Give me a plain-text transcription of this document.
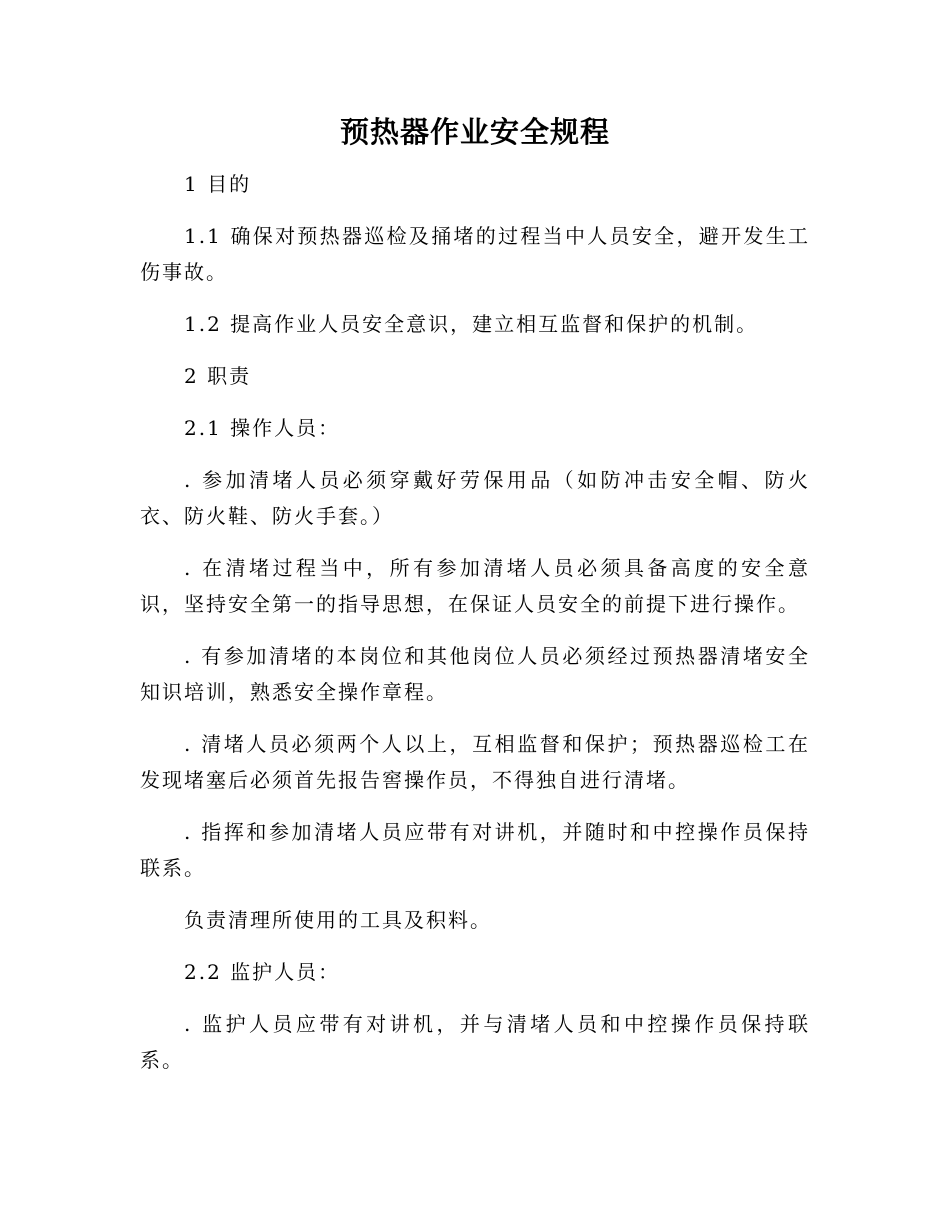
预热器作业安全规程

1 目的

1.1 确保对预热器巡检及捅堵的过程当中人员安全，避开发生工伤事故。

1.2 提高作业人员安全意识，建立相互监督和保护的机制。

2 职责

2.1 操作人员：

. 参加清堵人员必须穿戴好劳保用品（如防冲击安全帽、防火衣、防火鞋、防火手套。）

. 在清堵过程当中，所有参加清堵人员必须具备高度的安全意识，坚持安全第一的指导思想，在保证人员安全的前提下进行操作。

. 有参加清堵的本岗位和其他岗位人员必须经过预热器清堵安全知识培训，熟悉安全操作章程。

. 清堵人员必须两个人以上，互相监督和保护；预热器巡检工在发现堵塞后必须首先报告窖操作员，不得独自进行清堵。

. 指挥和参加清堵人员应带有对讲机，并随时和中控操作员保持联系。

负责清理所使用的工具及积料。

2.2 监护人员：

. 监护人员应带有对讲机，并与清堵人员和中控操作员保持联系。
